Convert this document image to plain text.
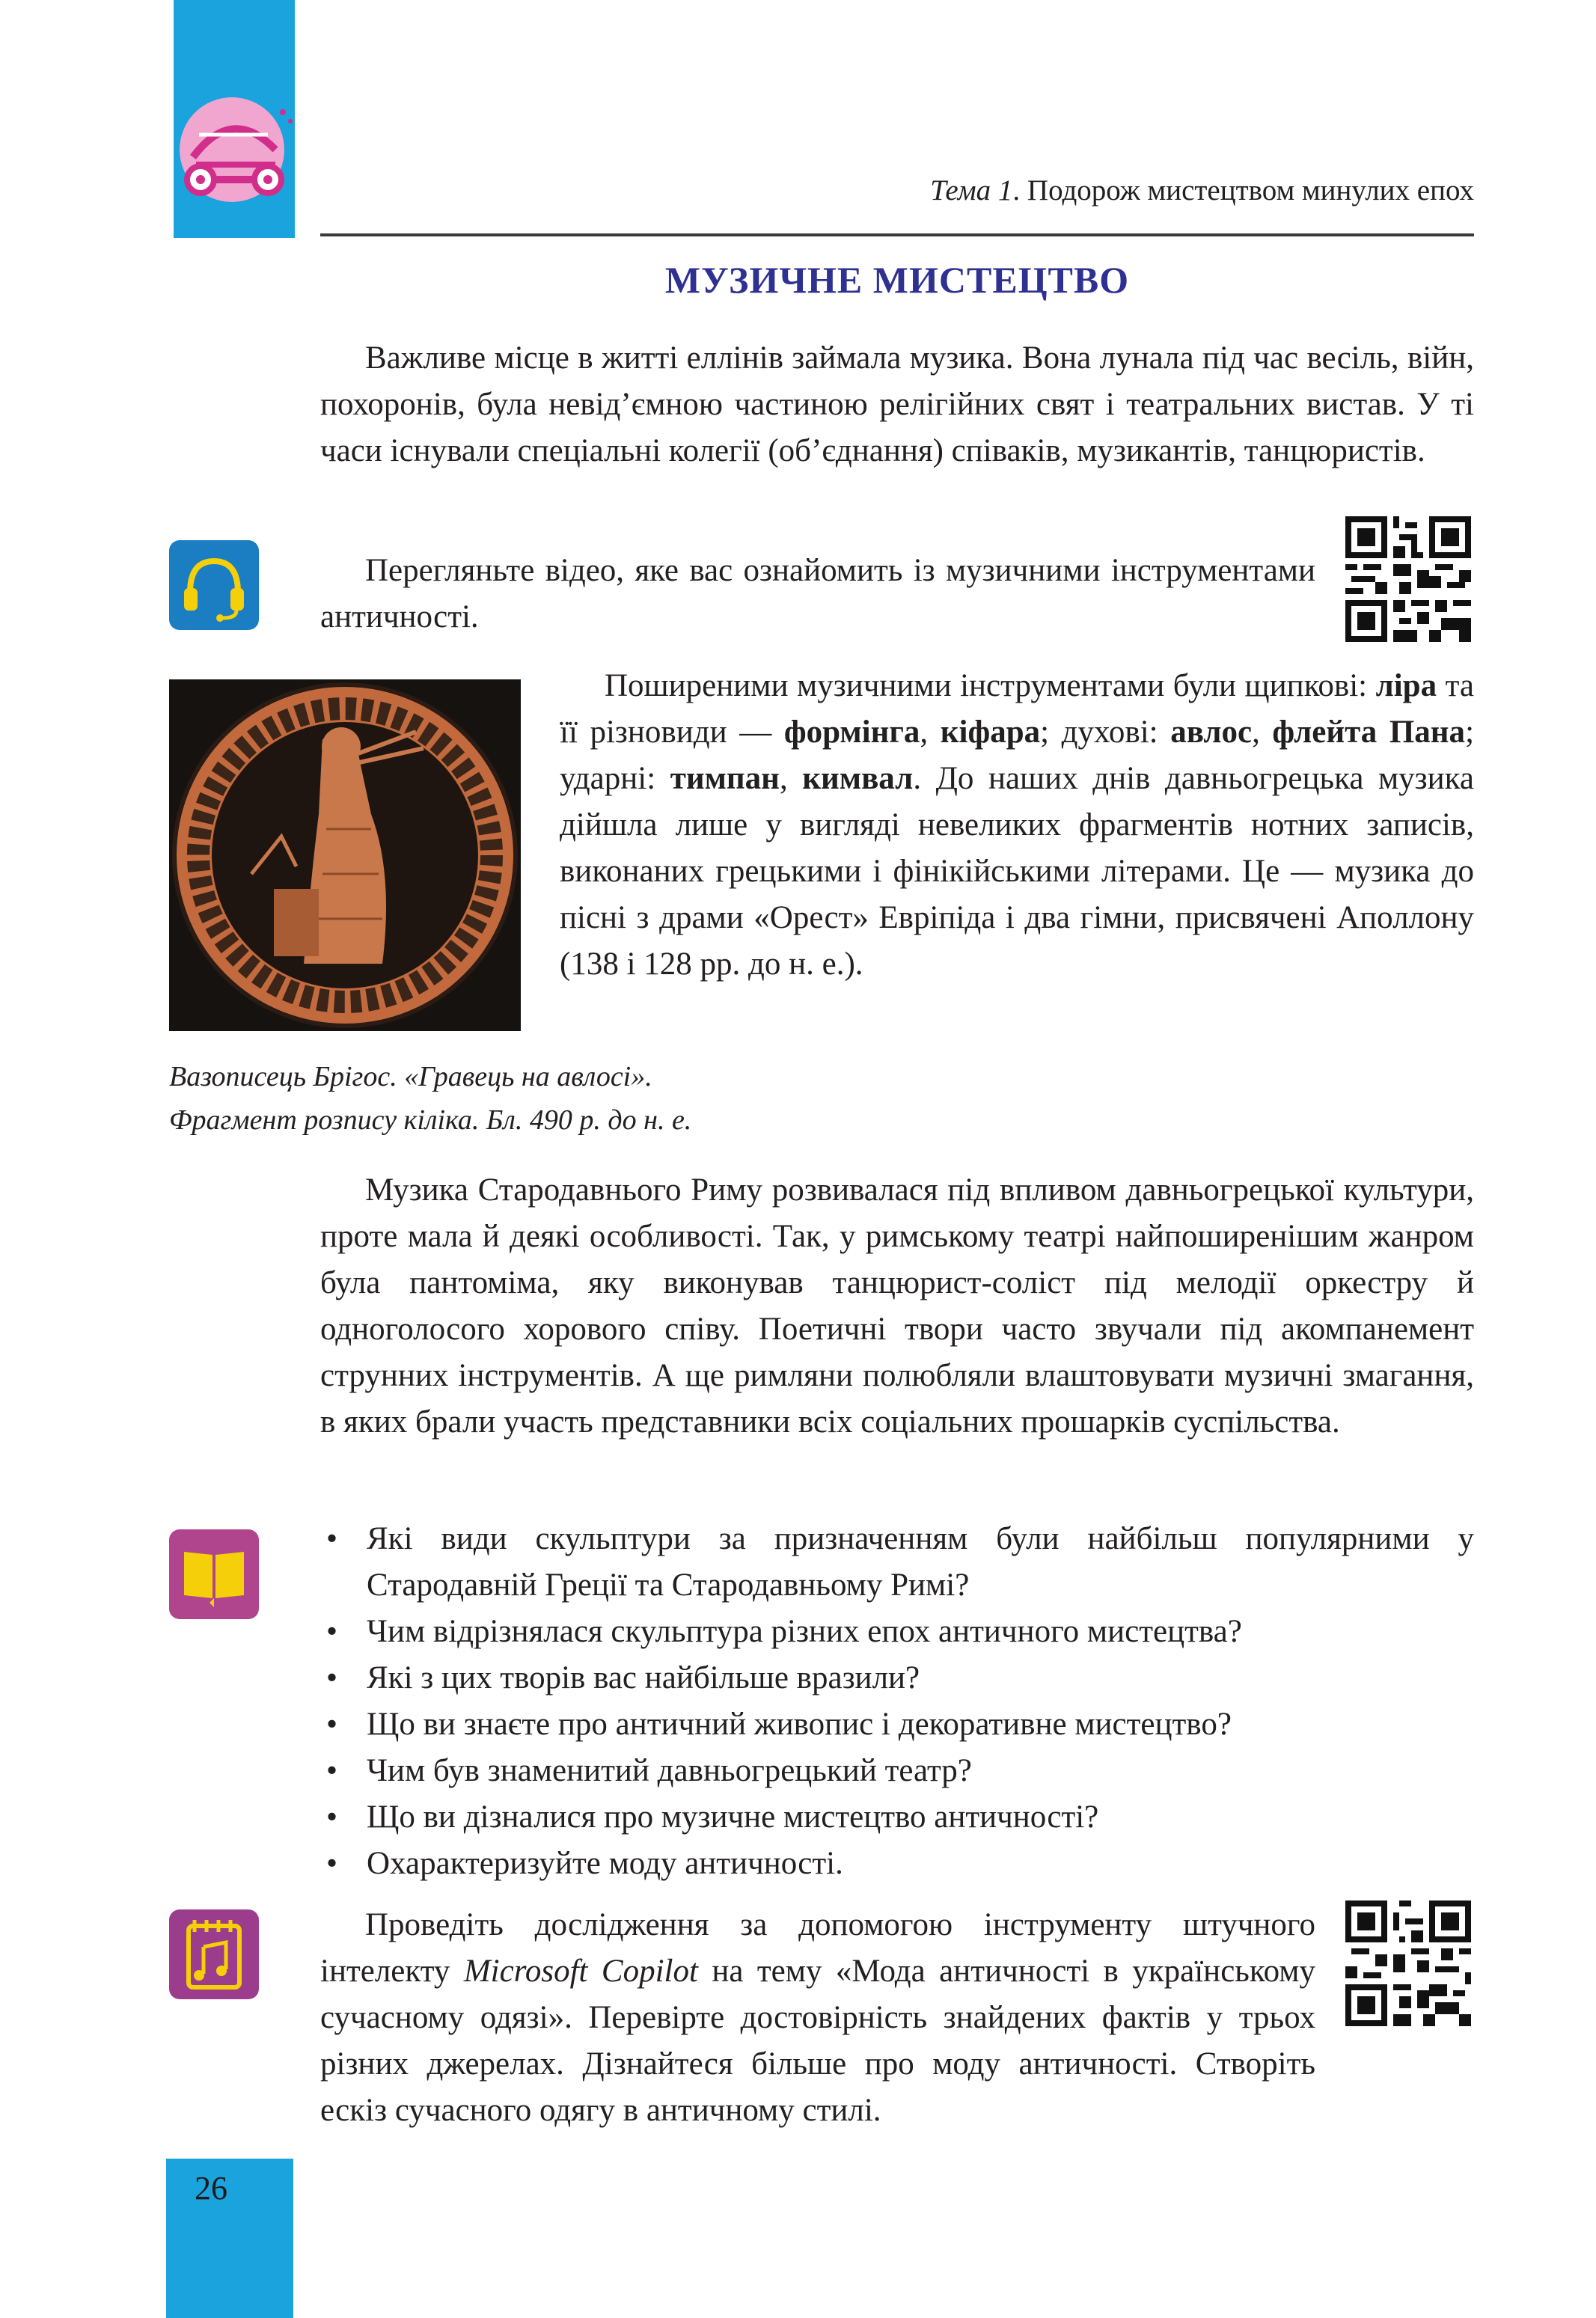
Тема 1. Подорож мистецтвом минулих епох
МУЗИЧНЕ МИСТЕЦТВО
Важливе місце в житті еллінів займала музика. Вона лунала під час весіль, війн, похоронів, була невід’ємною частиною релігійних свят і театральних вистав. У ті часи існували спеціальні колегії (об’єднання) співаків, музикантів, танцюристів.
Перегляньте відео, яке вас ознайомить із музичними інструментами античності.
Поширеними музичними інструментами були щипкові: ліра та її різновиди — формінга, кіфара; духові: авлос, флейта Пана; ударні: тимпан, кимвал. До наших днів давньогрецька музика дійшла лише у вигляді невеликих фрагментів нотних записів, виконаних грецькими і фінікійськими літерами. Це — музика до пісні з драми «Орест» Евріпіда і два гімни, присвячені Аполлону (138 і 128 рр. до н. е.).
Вазописець Брігос. «Гравець на авлосі».
Фрагмент розпису кіліка. Бл. 490 р. до н. е.
Музика Стародавнього Риму розвивалася під впливом давньогрецької культури, проте мала й деякі особливості. Так, у римському театрі найпоширенішим жанром була пантоміма, яку виконував танцюрист-соліст під мелодії оркестру й одноголосого хорового співу. Поетичні твори часто звучали під акомпанемент струнних інструментів. А ще римляни полюбляли влаштовувати музичні змагання, в яких брали участь представники всіх соціальних прошарків суспільства.
• Які види скульптури за призначенням були найбільш популярними у Стародавній Греції та Стародавньому Римі?
• Чим відрізнялася скульптура різних епох античного мистецтва?
• Які з цих творів вас найбільше вразили?
• Що ви знаєте про античний живопис і декоративне мистецтво?
• Чим був знаменитий давньогрецький театр?
• Що ви дізналися про музичне мистецтво античності?
• Охарактеризуйте моду античності.
Проведіть дослідження за допомогою інструменту штучного інтелекту Microsoft Copilot на тему «Мода античності в українському сучасному одязі». Перевірте достовірність знайдених фактів у трьох різних джерелах. Дізнайтеся більше про моду античності. Створіть ескіз сучасного одягу в античному стилі.
26
